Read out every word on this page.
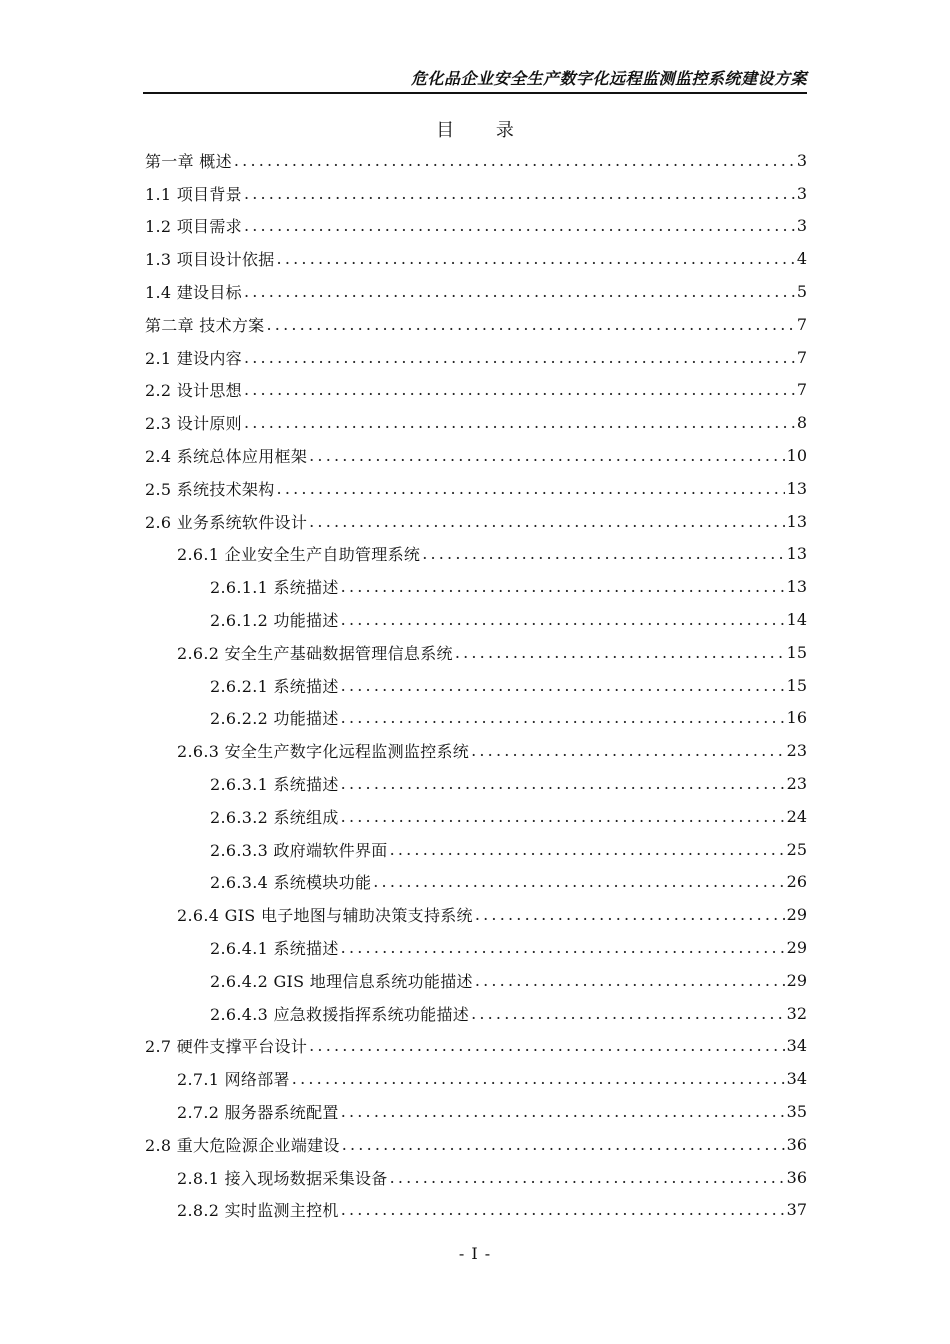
危化品企业安全生产数字化远程监测监控系统建设方案
目 录
第一章 概述 .....	3
1.1 项目背景 .....	3
1.2 项目需求 .....	3
1.3 项目设计依据 .....	4
1.4 建设目标 .....	5
第二章 技术方案 .....	7
2.1 建设内容 .....	7
2.2 设计思想 .....	7
2.3 设计原则 .....	8
2.4 系统总体应用框架 .....	10
2.5 系统技术架构 .....	13
2.6 业务系统软件设计 .....	13
2.6.1 企业安全生产自助管理系统 .....	13
2.6.1.1 系统描述 .....	13
2.6.1.2 功能描述 .....	14
2.6.2 安全生产基础数据管理信息系统 .....	15
2.6.2.1 系统描述 .....	15
2.6.2.2 功能描述 .....	16
2.6.3 安全生产数字化远程监测监控系统 .....	23
2.6.3.1 系统描述 .....	23
2.6.3.2 系统组成 .....	24
2.6.3.3 政府端软件界面 .....	25
2.6.3.4 系统模块功能 .....	26
2.6.4 GIS 电子地图与辅助决策支持系统 .....	29
2.6.4.1 系统描述 .....	29
2.6.4.2 GIS 地理信息系统功能描述 .....	29
2.6.4.3 应急救援指挥系统功能描述 .....	32
2.7 硬件支撑平台设计 .....	34
2.7.1 网络部署 .....	34
2.7.2 服务器系统配置 .....	35
2.8 重大危险源企业端建设 .....	36
2.8.1 接入现场数据采集设备 .....	36
2.8.2 实时监测主控机 .....	37
- I -
